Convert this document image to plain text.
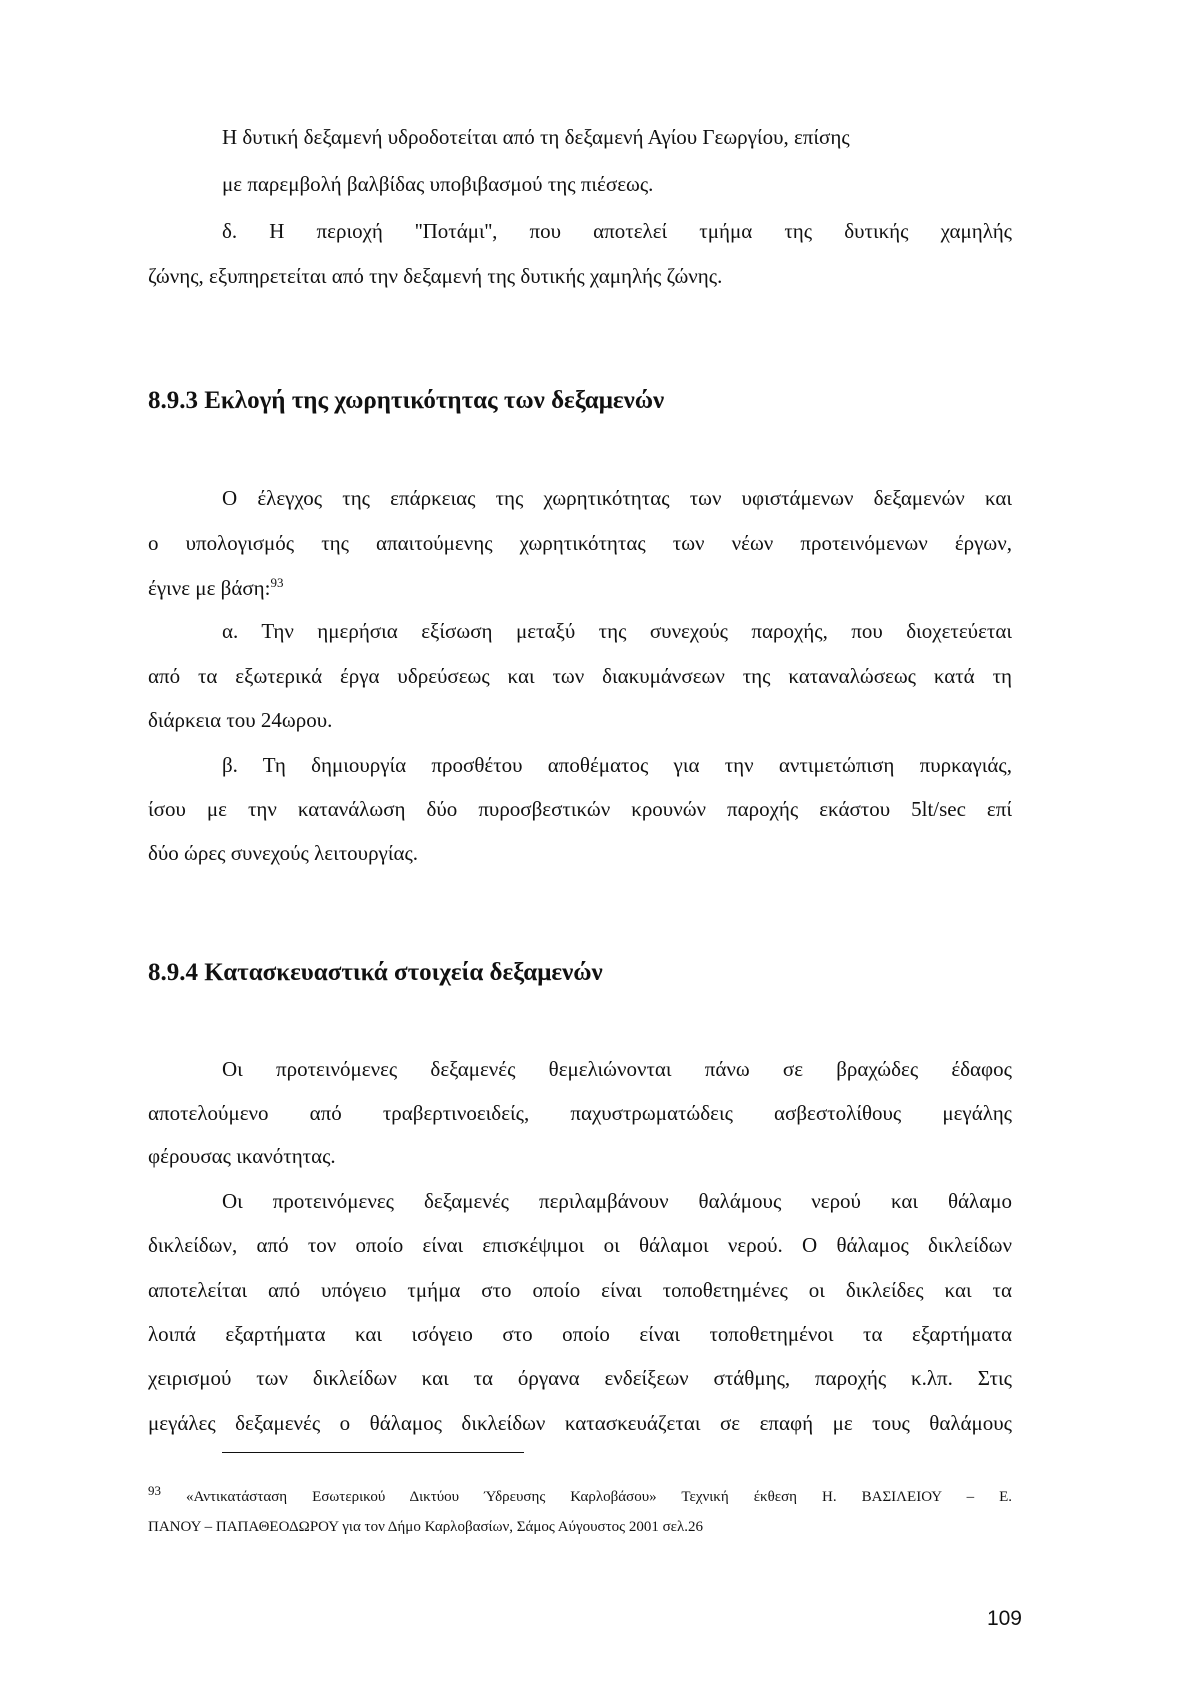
Η δυτική δεξαμενή υδροδοτείται από τη δεξαμενή Αγίου Γεωργίου, επίσης
με παρεμβολή βαλβίδας υποβιβασμού της πιέσεως.
δ. Η περιοχή ''Ποτάμι'', που αποτελεί τμήμα της δυτικής χαμηλής
ζώνης, εξυπηρετείται από την δεξαμενή της δυτικής χαμηλής ζώνης.
8.9.3 Εκλογή της χωρητικότητας των δεξαμενών
Ο έλεγχος της επάρκειας της χωρητικότητας των υφιστάμενων δεξαμενών και
ο υπολογισμός της απαιτούμενης χωρητικότητας των νέων προτεινόμενων έργων,
έγινε με βάση:$^{93}$
α. Την ημερήσια εξίσωση μεταξύ της συνεχούς παροχής, που διοχετεύεται
από τα εξωτερικά έργα υδρεύσεως και των διακυμάνσεων της καταναλώσεως κατά τη
διάρκεια του 24ωρου.
β. Τη δημιουργία προσθέτου αποθέματος για την αντιμετώπιση πυρκαγιάς,
ίσου με την κατανάλωση δύο πυροσβεστικών κρουνών παροχής εκάστου 5lt/sec επί
δύο ώρες συνεχούς λειτουργίας.
8.9.4 Κατασκευαστικά στοιχεία δεξαμενών
Οι προτεινόμενες δεξαμενές θεμελιώνονται πάνω σε βραχώδες έδαφος
αποτελούμενο από τραβερτινοειδείς, παχυστρωματώδεις ασβεστολίθους μεγάλης
φέρουσας ικανότητας.
Οι προτεινόμενες δεξαμενές περιλαμβάνουν θαλάμους νερού και θάλαμο
δικλείδων, από τον οποίο είναι επισκέψιμοι οι θάλαμοι νερού. Ο θάλαμος δικλείδων
αποτελείται από υπόγειο τμήμα στο οποίο είναι τοποθετημένες οι δικλείδες και τα
λοιπά εξαρτήματα και ισόγειο στο οποίο είναι τοποθετημένοι τα εξαρτήματα
χειρισμού των δικλείδων και τα όργανα ενδείξεων στάθμης, παροχής κ.λπ. Στις
μεγάλες δεξαμενές ο θάλαμος δικλείδων κατασκευάζεται σε επαφή με τους θαλάμους
93 «Αντικατάσταση Εσωτερικού Δικτύου Ύδρευσης Καρλοβάσου» Τεχνική έκθεση Η. ΒΑΣΙΛΕΙΟΥ – Ε.
ΠΑΝΟΥ – ΠΑΠΑΘΕΟΔΩΡΟΥ για τον Δήμο Καρλοβασίων, Σάμος Αύγουστος 2001 σελ.26
109
